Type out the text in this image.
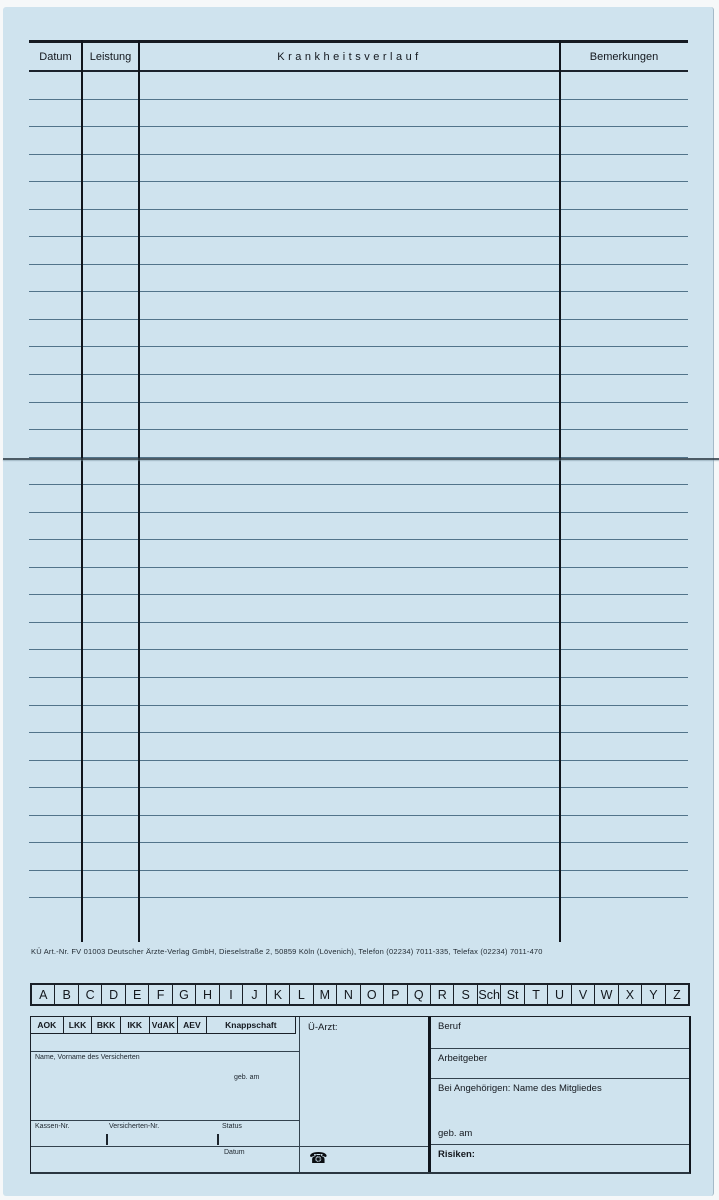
Datum	Leistung	Krankheitsverlauf	Bemerkungen
KÜ Art.-Nr. FV 01003 Deutscher Ärzte-Verlag GmbH, Dieselstraße 2, 50859 Köln (Lövenich), Telefon (02234) 7011-335, Telefax (02234) 7011-470
A	B	C	D	E	F	G	H	I	J	K	L	M	N	O	P	Q	R	S Sch St	T	U	V	W	X	Y	Z
AOK	LKK	BKK	IKK	VdAK AEV	Knappschaft
Name, Vorname des Versicherten
geb. am
Kassen-Nr.	Versicherten-Nr.	Status
Datum
Ü-Arzt:
☎
Beruf
Arbeitgeber
Bei Angehörigen: Name des Mitgliedes
geb. am
Risiken:
